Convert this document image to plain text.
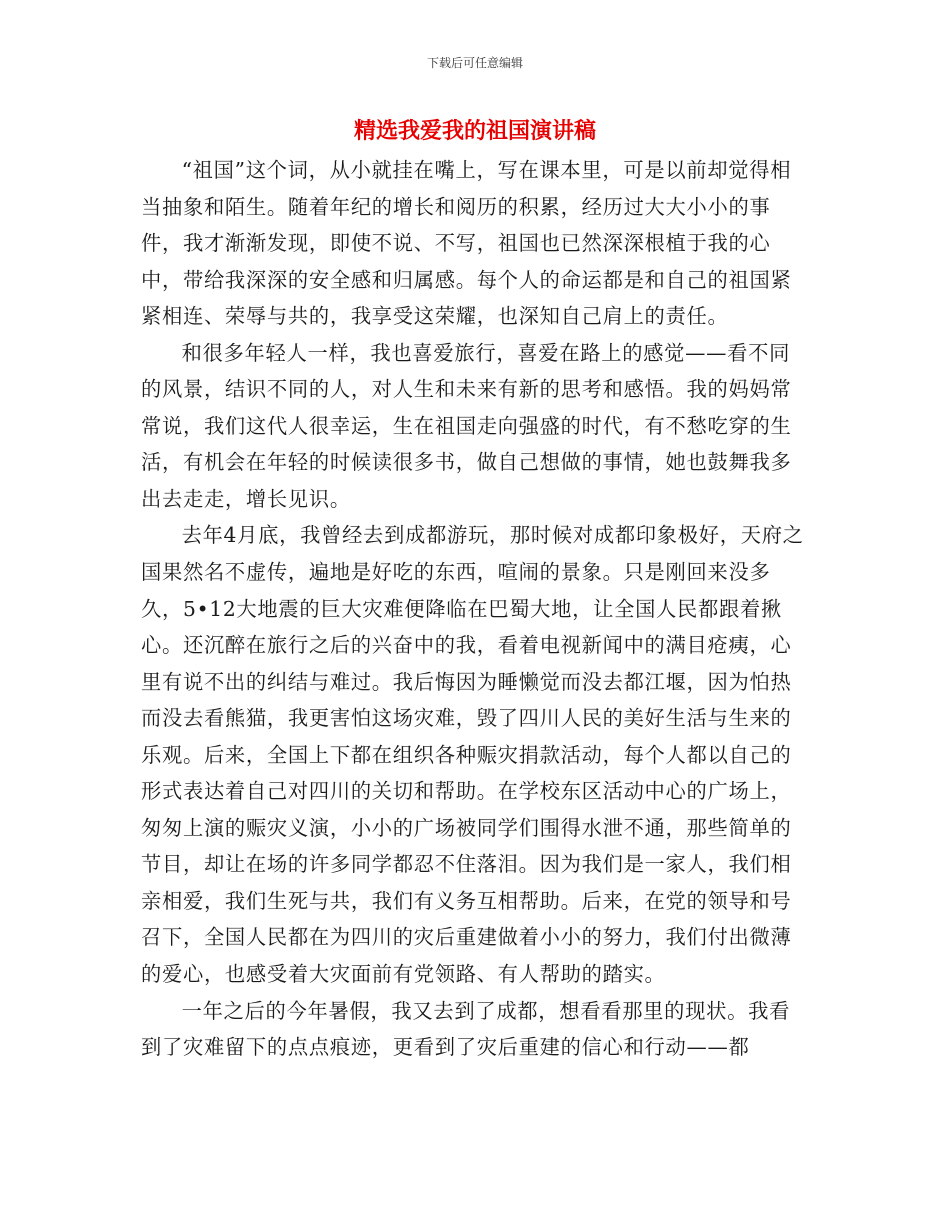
下载后可任意编辑
精选我爱我的祖国演讲稿

“祖国”这个词，从小就挂在嘴上，写在课本里，可是以前却觉得相当抽象和陌生。随着年纪的增长和阅历的积累，经历过大大小小的事件，我才渐渐发现，即使不说、不写，祖国也已然深深根植于我的心中，带给我深深的安全感和归属感。每个人的命运都是和自己的祖国紧紧相连、荣辱与共的，我享受这荣耀，也深知自己肩上的责任。

和很多年轻人一样，我也喜爱旅行，喜爱在路上的感觉——看不同的风景，结识不同的人，对人生和未来有新的思考和感悟。我的妈妈常常说，我们这代人很幸运，生在祖国走向强盛的时代，有不愁吃穿的生活，有机会在年轻的时候读很多书，做自己想做的事情，她也鼓舞我多出去走走，增长见识。

去年4月底，我曾经去到成都游玩，那时候对成都印象极好，天府之国果然名不虚传，遍地是好吃的东西，喧闹的景象。只是刚回来没多久，5•12大地震的巨大灾难便降临在巴蜀大地，让全国人民都跟着揪心。还沉醉在旅行之后的兴奋中的我，看着电视新闻中的满目疮痍，心里有说不出的纠结与难过。我后悔因为睡懒觉而没去都江堰，因为怕热而没去看熊猫，我更害怕这场灾难，毁了四川人民的美好生活与生来的乐观。后来，全国上下都在组织各种赈灾捐款活动，每个人都以自己的形式表达着自己对四川的关切和帮助。在学校东区活动中心的广场上，匆匆上演的赈灾义演，小小的广场被同学们围得水泄不通，那些简单的节目，却让在场的许多同学都忍不住落泪。因为我们是一家人，我们相亲相爱，我们生死与共，我们有义务互相帮助。后来，在党的领导和号召下，全国人民都在为四川的灾后重建做着小小的努力，我们付出微薄的爱心，也感受着大灾面前有党领路、有人帮助的踏实。

一年之后的今年暑假，我又去到了成都，想看看那里的现状。我看到了灾难留下的点点痕迹，更看到了灾后重建的信心和行动——都
